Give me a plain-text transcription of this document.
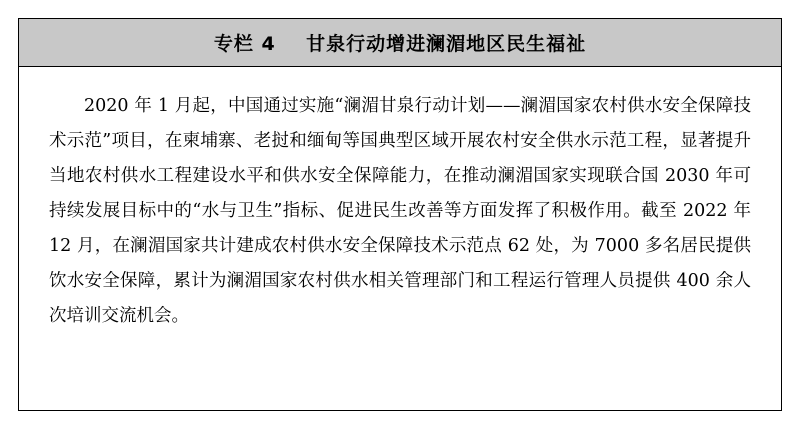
专栏 4    甘泉行动增进澜湄地区民生福祉

2020 年 1 月起，中国通过实施“澜湄甘泉行动计划——澜湄国家农村供水安全保障技术示范”项目，在柬埔寨、老挝和缅甸等国典型区域开展农村安全供水示范工程，显著提升当地农村供水工程建设水平和供水安全保障能力，在推动澜湄国家实现联合国 2030 年可持续发展目标中的“水与卫生”指标、促进民生改善等方面发挥了积极作用。截至 2022 年 12 月，在澜湄国家共计建成农村供水安全保障技术示范点 62 处，为 7000 多名居民提供饮水安全保障，累计为澜湄国家农村供水相关管理部门和工程运行管理人员提供 400 余人次培训交流机会。
